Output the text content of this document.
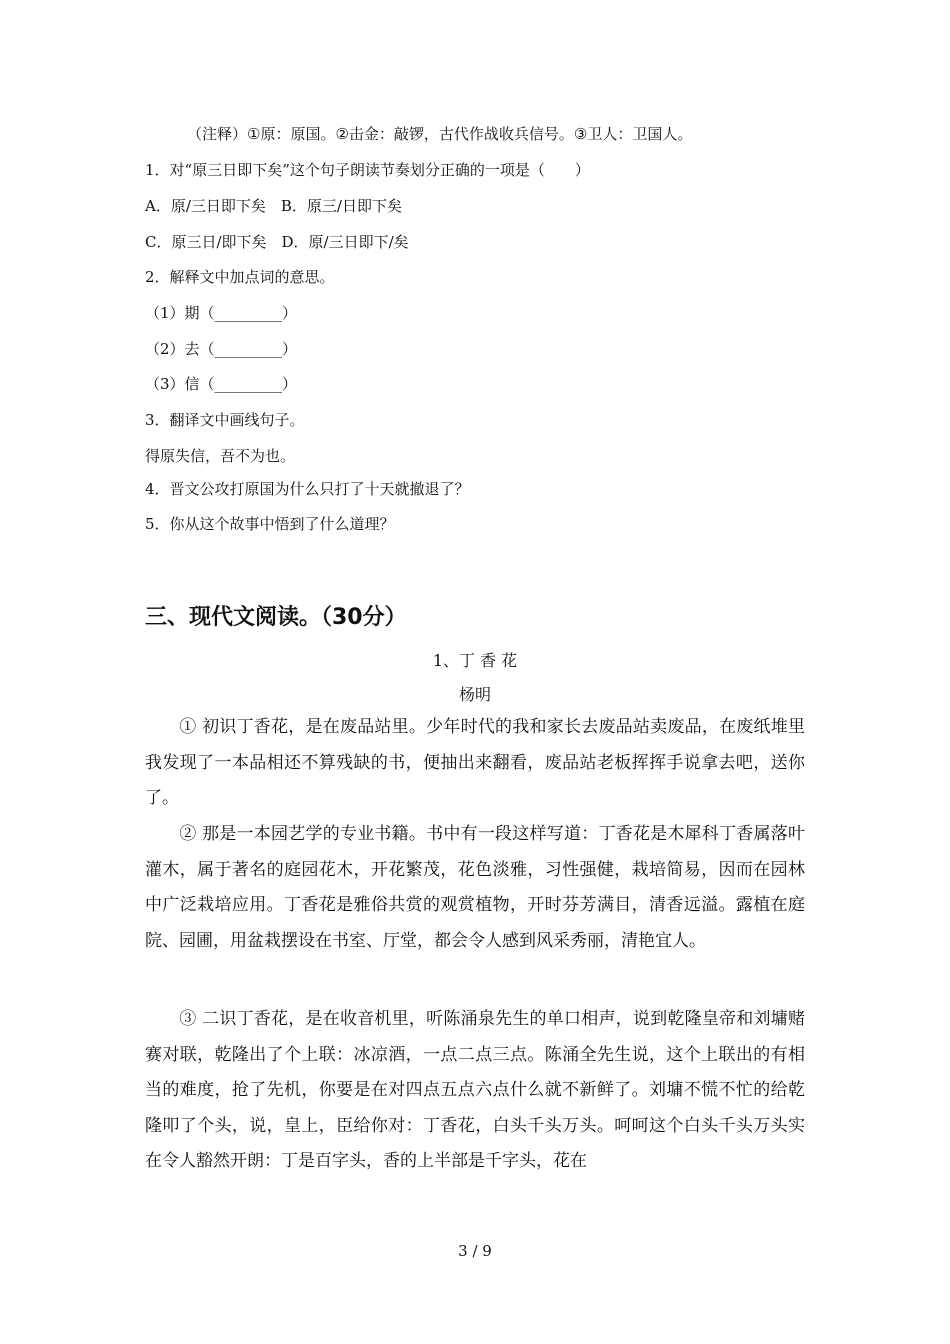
（注释）①原：原国。②击金：敲锣，古代作战收兵信号。③卫人：卫国人。
1．对“原三日即下矣”这个句子朗读节奏划分正确的一项是（　　）
A．原/三日即下矣　B．原三/日即下矣
C．原三日/即下矣　D．原/三日即下/矣
2．解释文中加点词的意思。
（1）期（_________）
（2）去（_________）
（3）信（_________）
3．翻译文中画线句子。
得原失信，吾不为也。
4．晋文公攻打原国为什么只打了十天就撤退了？
5．你从这个故事中悟到了什么道理？
三、现代文阅读。（30分）
1、丁 香 花
杨明
① 初识丁香花，是在废品站里。少年时代的我和家长去废品站卖废品，在废纸堆里我发现了一本品相还不算残缺的书，便抽出来翻看，废品站老板挥挥手说拿去吧，送你了。
② 那是一本园艺学的专业书籍。书中有一段这样写道：丁香花是木犀科丁香属落叶灌木，属于著名的庭园花木，开花繁茂，花色淡雅，习性强健，栽培简易，因而在园林中广泛栽培应用。丁香花是雅俗共赏的观赏植物，开时芬芳满目，清香远溢。露植在庭院、园圃，用盆栽摆设在书室、厅堂，都会令人感到风采秀丽，清艳宜人。
③ 二识丁香花，是在收音机里，听陈涌泉先生的单口相声，说到乾隆皇帝和刘墉赌赛对联，乾隆出了个上联：冰凉酒，一点二点三点。陈涌全先生说，这个上联出的有相当的难度，抢了先机，你要是在对四点五点六点什么就不新鲜了。刘墉不慌不忙的给乾隆叩了个头，说，皇上，臣给你对：丁香花，白头千头万头。呵呵这个白头千头万头实在令人豁然开朗：丁是百字头，香的上半部是千字头，花在
3 / 9
